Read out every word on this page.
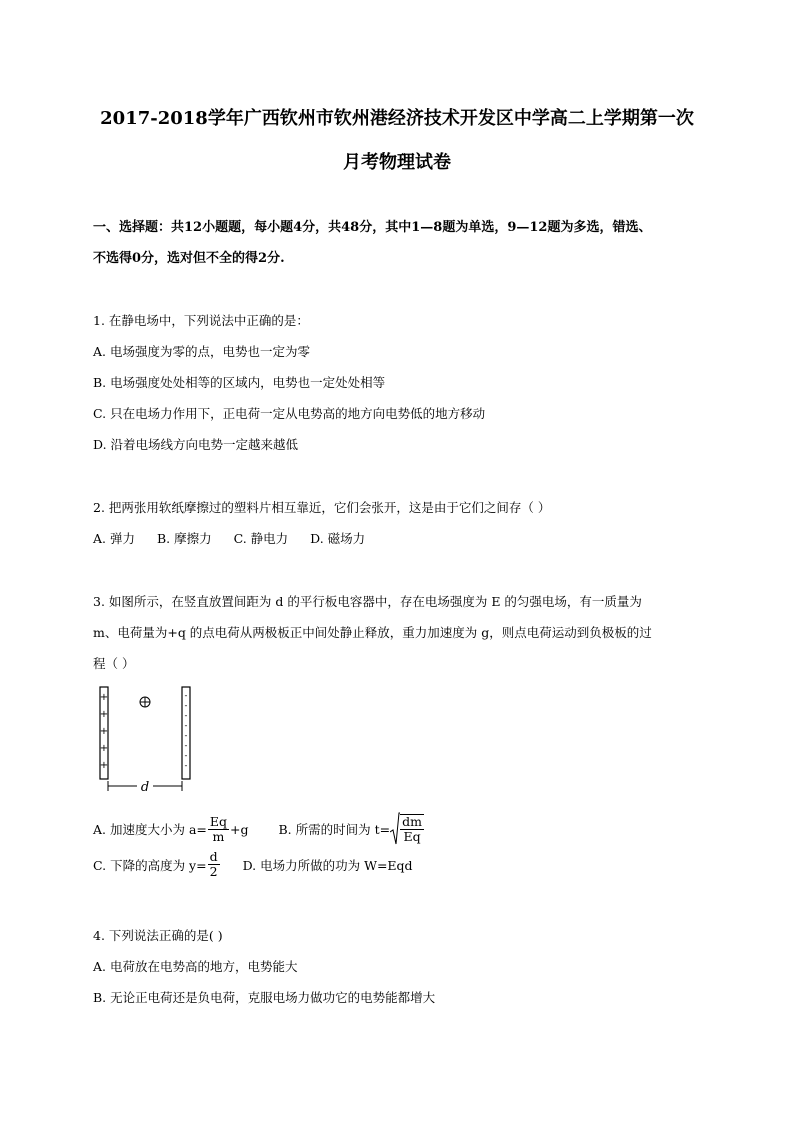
2017-2018学年广西钦州市钦州港经济技术开发区中学高二上学期第一次
月考物理试卷
一、选择题：共12小题题，每小题4分，共48分，其中1—8题为单选，9—12题为多选，错选、
不选得0分，选对但不全的得2分.
1. 在静电场中，下列说法中正确的是：
A. 电场强度为零的点，电势也一定为零
B. 电场强度处处相等的区域内，电势也一定处处相等
C. 只在电场力作用下，正电荷一定从电势高的地方向电势低的地方移动
D. 沿着电场线方向电势一定越来越低
2. 把两张用软纸摩擦过的塑料片相互靠近，它们会张开，这是由于它们之间存（ ）
A. 弹力 B. 摩擦力 C. 静电力 D. 磁场力
3. 如图所示，在竖直放置间距为 d 的平行板电容器中，存在电场强度为 E 的匀强电场，有一质量为
m、电荷量为+q 的点电荷从两极板正中间处静止释放，重力加速度为 g，则点电荷运动到负极板的过
程（ ）
+
+
+
+
+
-
-
-
-
-
-
-
-
d
A. 加速度大小为 $a= \frac{Eq}{m} +g$ B. 所需的时间为 $t= \frac{dm}{Eq}$
C. 下降的高度为 $y= \frac{d}{2} D$. 电场力所做的功为 W=Eqd
4. 下列说法正确的是( )
A. 电荷放在电势高的地方，电势能大
B. 无论正电荷还是负电荷，克服电场力做功它的电势能都增大
